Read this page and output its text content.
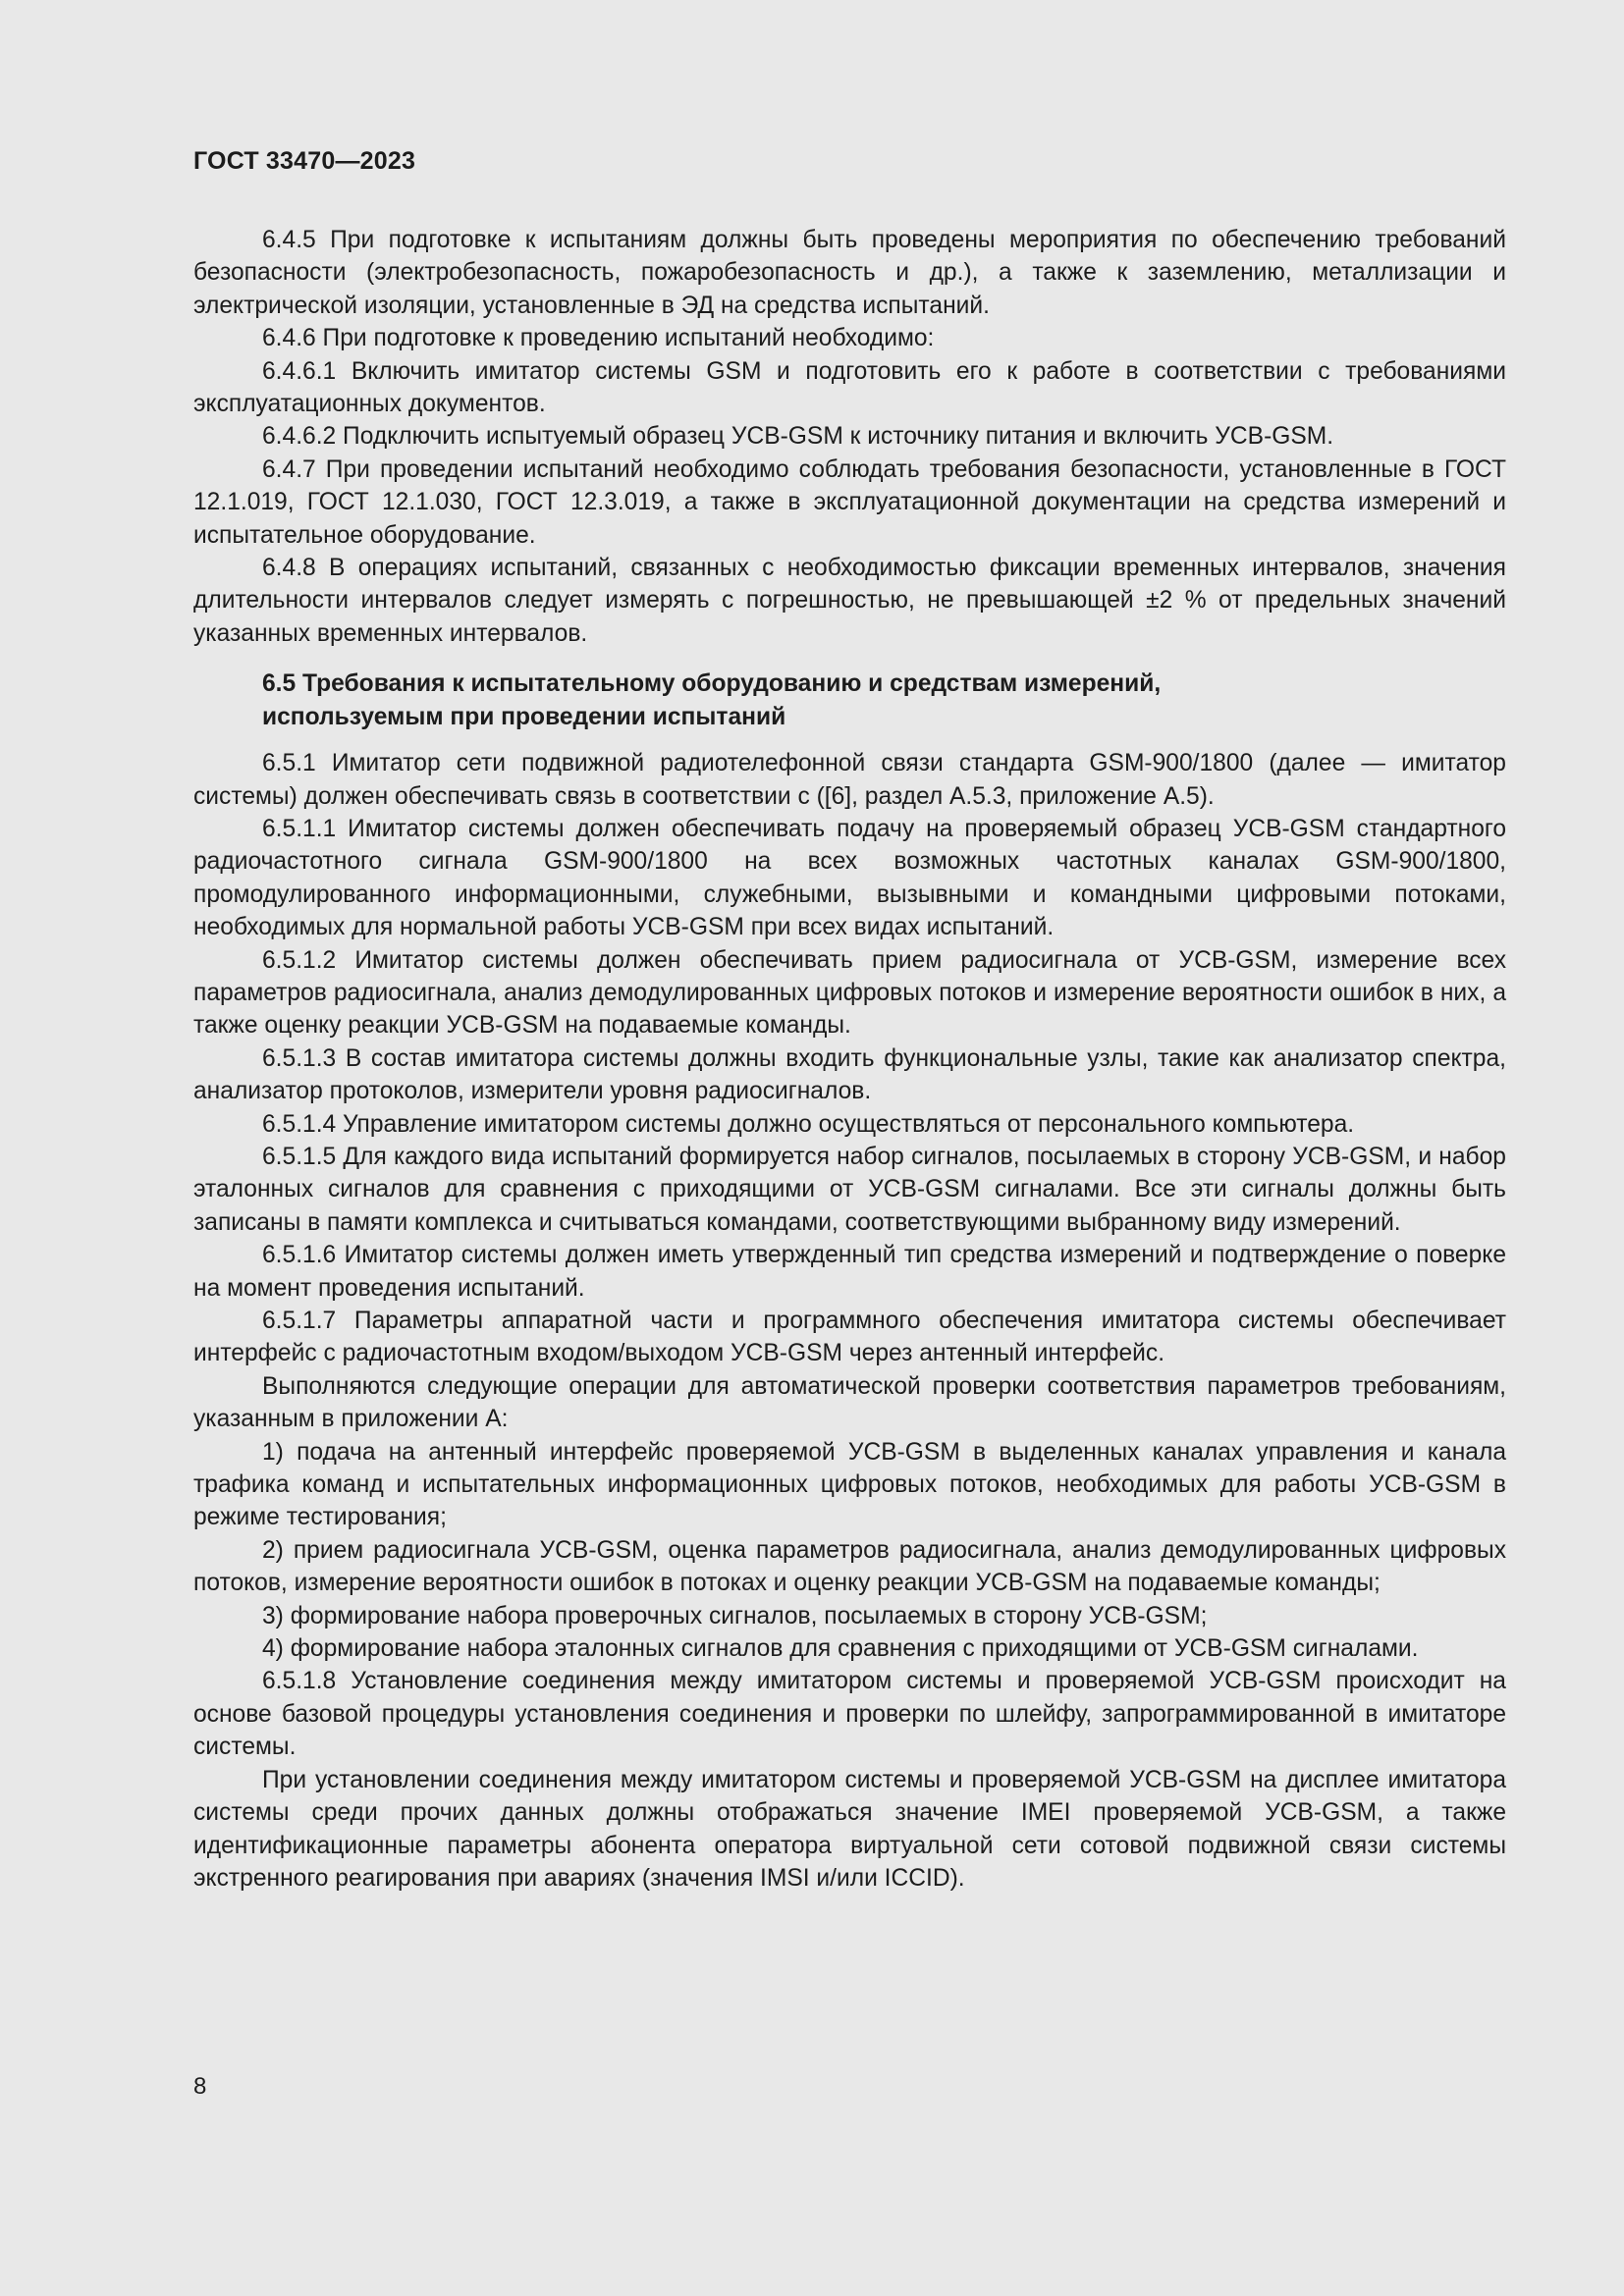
ГОСТ 33470—2023

6.4.5 При подготовке к испытаниям должны быть проведены мероприятия по обеспечению требований безопасности (электробезопасность, пожаробезопасность и др.), а также к заземлению, металлизации и электрической изоляции, установленные в ЭД на средства испытаний.

6.4.6 При подготовке к проведению испытаний необходимо:

6.4.6.1 Включить имитатор системы GSM и подготовить его к работе в соответствии с требованиями эксплуатационных документов.

6.4.6.2 Подключить испытуемый образец УСВ-GSM к источнику питания и включить УСВ-GSM.

6.4.7 При проведении испытаний необходимо соблюдать требования безопасности, установленные в ГОСТ 12.1.019, ГОСТ 12.1.030, ГОСТ 12.3.019, а также в эксплуатационной документации на средства измерений и испытательное оборудование.

6.4.8 В операциях испытаний, связанных с необходимостью фиксации временных интервалов, значения длительности интервалов следует измерять с погрешностью, не превышающей ±2 % от предельных значений указанных временных интервалов.

6.5 Требования к испытательному оборудованию и средствам измерений,
используемым при проведении испытаний

6.5.1 Имитатор сети подвижной радиотелефонной связи стандарта GSM-900/1800 (далее — имитатор системы) должен обеспечивать связь в соответствии с ([6], раздел А.5.3, приложение А.5).

6.5.1.1 Имитатор системы должен обеспечивать подачу на проверяемый образец УСВ-GSM стандартного радиочастотного сигнала GSM-900/1800 на всех возможных частотных каналах GSM-900/1800, промодулированного информационными, служебными, вызывными и командными цифровыми потоками, необходимых для нормальной работы УСВ-GSM при всех видах испытаний.

6.5.1.2 Имитатор системы должен обеспечивать прием радиосигнала от УСВ-GSM, измерение всех параметров радиосигнала, анализ демодулированных цифровых потоков и измерение вероятности ошибок в них, а также оценку реакции УСВ-GSM на подаваемые команды.

6.5.1.3 В состав имитатора системы должны входить функциональные узлы, такие как анализатор спектра, анализатор протоколов, измерители уровня радиосигналов.

6.5.1.4 Управление имитатором системы должно осуществляться от персонального компьютера.

6.5.1.5 Для каждого вида испытаний формируется набор сигналов, посылаемых в сторону УСВ-GSM, и набор эталонных сигналов для сравнения с приходящими от УСВ-GSM сигналами. Все эти сигналы должны быть записаны в памяти комплекса и считываться командами, соответствующими выбранному виду измерений.

6.5.1.6 Имитатор системы должен иметь утвержденный тип средства измерений и подтверждение о поверке на момент проведения испытаний.

6.5.1.7 Параметры аппаратной части и программного обеспечения имитатора системы обеспечивает интерфейс с радиочастотным входом/выходом УСВ-GSM через антенный интерфейс.

Выполняются следующие операции для автоматической проверки соответствия параметров требованиям, указанным в приложении А:

1) подача на антенный интерфейс проверяемой УСВ-GSM в выделенных каналах управления и канала трафика команд и испытательных информационных цифровых потоков, необходимых для работы УСВ-GSM в режиме тестирования;

2) прием радиосигнала УСВ-GSM, оценка параметров радиосигнала, анализ демодулированных цифровых потоков, измерение вероятности ошибок в потоках и оценку реакции УСВ-GSM на подаваемые команды;

3) формирование набора проверочных сигналов, посылаемых в сторону УСВ-GSM;

4) формирование набора эталонных сигналов для сравнения с приходящими от УСВ-GSM сигналами.

6.5.1.8 Установление соединения между имитатором системы и проверяемой УСВ-GSM происходит на основе базовой процедуры установления соединения и проверки по шлейфу, запрограммированной в имитаторе системы.

При установлении соединения между имитатором системы и проверяемой УСВ-GSM на дисплее имитатора системы среди прочих данных должны отображаться значение IMEI проверяемой УСВ-GSM, а также идентификационные параметры абонента оператора виртуальной сети сотовой подвижной связи системы экстренного реагирования при авариях (значения IMSI и/или ICCID).

8
